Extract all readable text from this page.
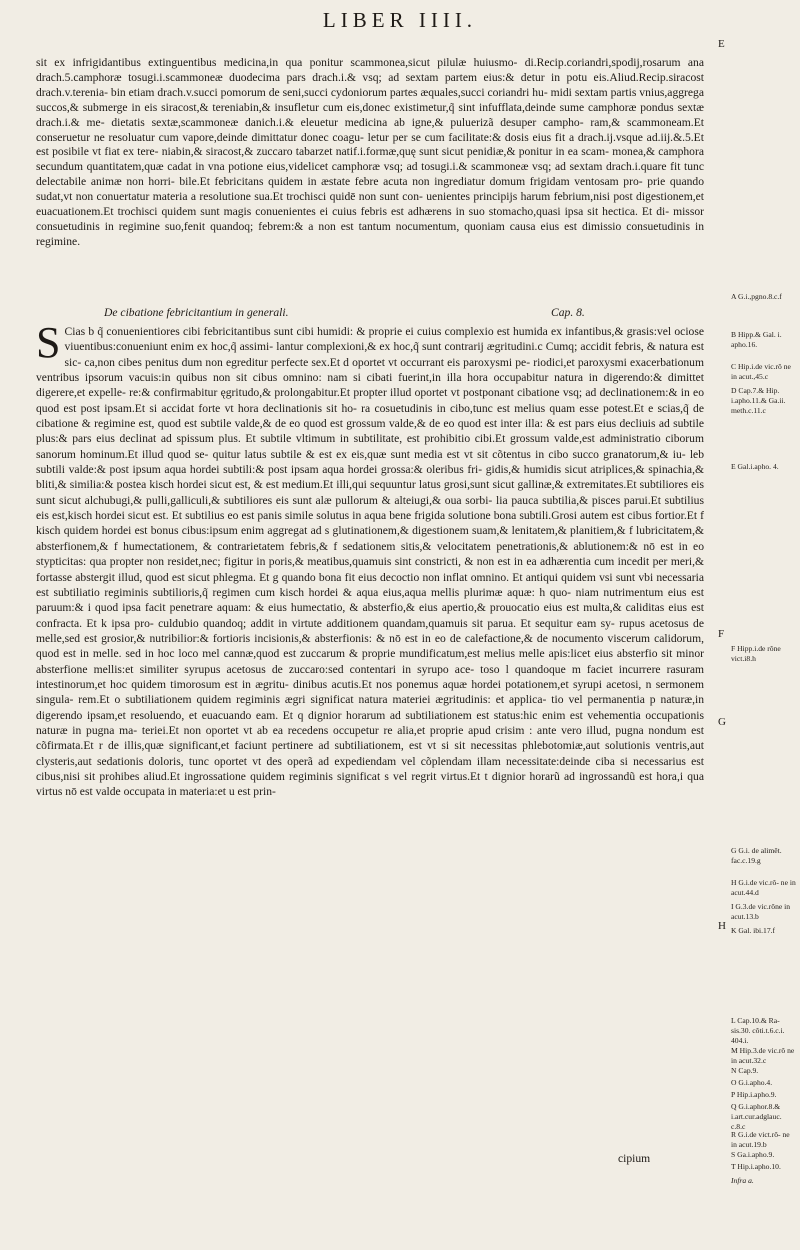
LIBER IIII.
sit ex infrigidantibus extinguentibus medicina,in qua ponitur scammonea,sicut pilulæ huiusmo- di.Recip.coriandri,spodij,rosarum ana drach.5.camphoræ tosugi.i.scammoneæ duodecima pars drach.i.& vsq; ad sextam partem eius:& detur in potu eis.Aliud.Recip.siracost drach.v.terenia- bin etiam drach.v.succi pomorum de seni,succi cydoniorum partes æquales,succi coriandri hu- midi sextam partis vnius,aggrega succos,& submerge in eis siracost,& tereniabin,& insufletur cum eis,donec existimetur,q̃ sint infufflata,deinde sume camphoræ pondus sextæ drach.i.& me- dietatis sextæ,scammoneæ danich.i.& eleuetur medicina ab igne,& puluerizã desuper campho- ram,& scammoneam.Et conseruetur ne resoluatur cum vapore,deinde dimittatur donec coagu- letur per se cum facilitate:& dosis eius fit a drach.ij.vsque ad.iij.&.5.Et est posibile vt fiat ex tere- niabin,& siracost,& zuccaro tabarzet natif.i.formæ,quę sunt sicut penidiæ,& ponitur in ea scam- monea,& camphora secundum quantitatem,quæ cadat in vna potione eius,videlicet camphoræ vsq; ad tosugi.i.& scammoneæ vsq; ad sextam drach.i.quare fit tunc delectabile animæ non horri- bile.Et febricitans quidem in æstate febre acuta non ingrediatur domum frigidam ventosam pro- prie quando sudat,vt non conuertatur materia a resolutione sua.Et trochisci quidē non sunt con- uenientes principijs harum febrium,nisi post digestionem,et euacuationem.Et trochisci quidem sunt magis conuenientes ei cuius febris est adhærens in suo stomacho,quasi ipsa sit hectica. Et di- missor consuetudinis in regimine suo,fenit quandoq; febrem:& a non est tantum nocumentum, quoniam causa eius est dimissio consuetudinis in regimine.
De cibatione febricitantium in generali.	Cap. 8.
S Cias b q̃ conuenientiores cibi febricitantibus sunt cibi humidi: & proprie ei cuius complexio est humida ex infantibus,& grasis:vel ociose viuentibus:conueniunt enim ex hoc,q̃ assimi- lantur complexioni,& ex hoc,q̃ sunt contrarij ægritudini.c Cumq; accidit febris, & natura est sic- ca,non cibes penitus dum non egreditur perfecte sex.Et d oportet vt occurrant eis paroxysmi pe- riodici,et paroxysmi exacerbationum ventribus ipsorum vacuis:in quibus non sit cibus omnino: nam si cibati fuerint,in illa hora occupabitur natura in digerendo:& dimittet digerere,et expelle- re:& confirmabitur ęgritudo,& prolongabitur.Et propter illud oportet vt postponant cibatione vsq; ad declinationem:& in eo quod est post ipsam.Et si accidat forte vt hora declinationis sit ho- ra cosuetudinis in cibo,tunc est melius quam esse potest.Et e scias,q̃ de cibatione & regimine est, quod est subtile valde,& de eo quod est grossum valde,& de eo quod est inter illa: & est pars eius decliuis ad subtile plus:& pars eius declinat ad spissum plus. Et subtile vltimum in subtilitate, est prohibitio cibi.Et grossum valde,est administratio ciborum sanorum hominum.Et illud quod se- quitur latus subtile & est ex eis,quæ sunt media est vt sit cõtentus in cibo succo granatorum,& iu- leb subtili valde:& post ipsum aqua hordei subtili:& post ipsam aqua hordei grossa:& oleribus fri- gidis,& humidis sicut atriplices,& spinachia,& bliti,& similia:& postea kisch hordei sicut est, & est medium.Et illi,qui sequuntur latus grosi,sunt sicut gallinæ,& extremitates.Et subtiliores eis sunt sicut alchubugi,& pulli,galliculi,& subtiliores eis sunt alæ pullorum & alteiugi,& oua sorbi- lia pauca subtilia,& pisces parui.Et subtilius eis est,kisch hordei sicut est. Et subtilius eo est panis simile solutus in aqua bene frigida solutione bona subtili.Grosi autem est cibus fortior.Et f kisch quidem hordei est bonus cibus:ipsum enim aggregat ad s glutinationem,& digestionem suam,& lenitatem,& planitiem,& f lubricitatem,& absterfionem,& f humectationem, & contrarietatem febris,& f sedationem sitis,& velocitatem penetrationis,& ablutionem:& nō est in eo stypticitas: qua propter non residet,nec; figitur in poris,& meatibus,quamuis sint constricti, & non est in ea adhærentia cum incedit per meri,& fortasse abstergit illud, quod est sicut phlegma. Et g quando bona fit eius decoctio non inflat omnino. Et antiqui quidem vsi sunt vbi necessaria est subtiliatio regiminis subtilioris,q̃ regimen cum kisch hordei & aqua eius,aqua mellis plurimæ aquæ: h quo- niam nutrimentum eius est paruum:& i quod ipsa facit penetrare aquam: & eius humectatio, & absterfio,& eius apertio,& prouocatio eius est multa,& caliditas eius est confracta. Et k ipsa pro- culdubio quandoq; addit in virtute additionem quandam,quamuis sit parua. Et sequitur eam sy- rupus acetosus de melle,sed est grosior,& nutribilior:& fortioris incisionis,& absterfionis: & nō est in eo de calefactione,& de nocumento viscerum calidorum, quod est in melle. sed in hoc loco mel cannæ,quod est zuccarum & proprie mundificatum,est melius melle apis:licet eius absterfio sit minor absterfione mellis:et similiter syrupus acetosus de zuccaro:sed contentari in syrupo ace- toso l quandoque m faciet incurrere rasuram intestinorum,et hoc quidem timorosum est in ægritu- dinibus acutis.Et nos ponemus aquæ hordei potationem,et syrupi acetosi, n sermonem singula- rem.Et o subtiliationem quidem regiminis ægri significat natura materiei ægritudinis: et applica- tio vel permanentia p naturæ,in digerendo ipsam,et resoluendo, et euacuando eam. Et q dignior horarum ad subtiliationem est status:hic enim est vehementia occupationis naturæ in pugna ma- teriei.Et non oportet vt ab ea recedens occupetur re alia,et proprie apud crisim : ante vero illud, pugna nondum est cõfirmata.Et r de illis,quæ significant,et faciunt pertinere ad subtiliationem, est vt si sit necessitas phlebotomiæ,aut solutionis ventris,aut clysteris,aut sedationis doloris, tunc oportet vt des operã ad expediendam vel cõplendam illam necessitate:deinde ciba si necessarius est cibus,nisi sit prohibes aliud.Et ingrossatione quidem regiminis significat s vel regrit virtus.Et t dignior horarũ ad ingrossandũ est hora,i qua virtus nō est valde occupata in materia:et u est prin-
E
F
G
H
A G.i.,pgno.8.c.f
B Hipp.& Gal. i. apho.16.
C Hip.i.de vic.rõ ne in acut.,45.c
D Cap.7.& Hip. i.apho.11.& Ga.ii. meth.c.11.c
E Gal.i.apho. 4.
F Hipp.i.de rõne vict.i8.h
G G.i. de alimẽt. fac.c.19.g
H G.i.de vic.rõ- ne in acut.44.d
I G.3.de vic.rõne in acut.13.b
K Gal. ibi.17.f
L Cap.10.& Ra- sis.30. cõti.t.6.c.i. 404.i.
M Hip.3.de vic.rõ ne in acut.32.c
N Cap.9.
O G.i.apho.4.
P Hip.i.apho.9.
Q G.i.aphor.8.& i.art.cur.adglauc. c.8.c
R G.i.de vict.rõ- ne in acut.19.b
S Ga.i.apho.9.
T Hip.i.apho.10.
Infra a.
cipium
